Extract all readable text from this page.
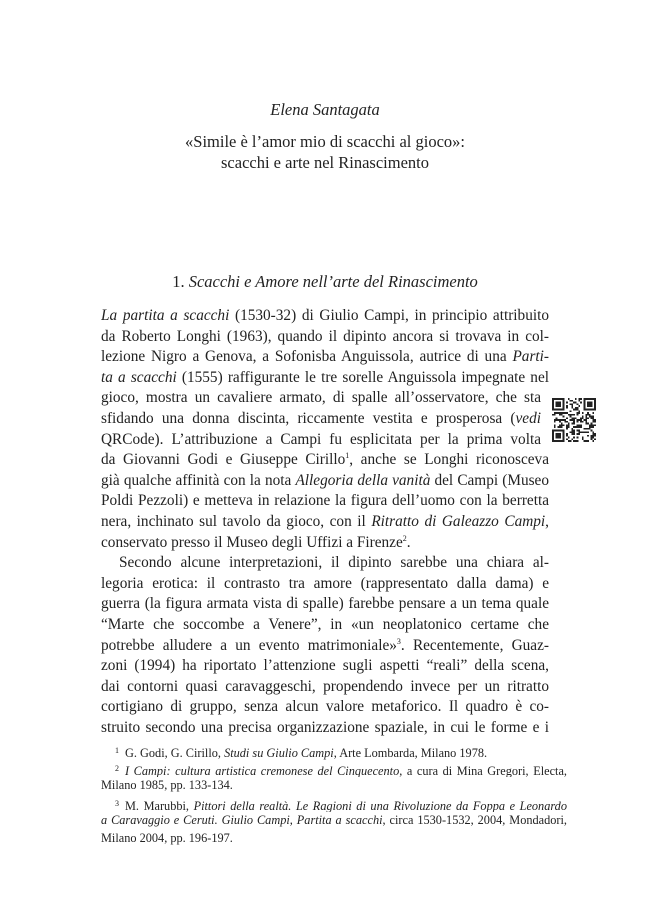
Elena Santagata
«Simile è l’amor mio di scacchi al gioco»:
scacchi e arte nel Rinascimento
1. Scacchi e Amore nell’arte del Rinascimento
La partita a scacchi (1530-32) di Giulio Campi, in principio attribuito
da Roberto Longhi (1963), quando il dipinto ancora si trovava in col-
lezione Nigro a Genova, a Sofonisba Anguissola, autrice di una Parti-
ta a scacchi (1555) raffigurante le tre sorelle Anguissola impegnate nel
gioco, mostra un cavaliere armato, di spalle all’osservatore, che sta
sfidando una donna discinta, riccamente vestita e prosperosa (vedi
QRCode). L’attribuzione a Campi fu esplicitata per la prima volta
da Giovanni Godi e Giuseppe Cirillo$^1$, anche se Longhi riconosceva
già qualche affinità con la nota Allegoria della vanità del Campi (Museo
Poldi Pezzoli) e metteva in relazione la figura dell’uomo con la berretta
nera, inchinato sul tavolo da gioco, con il Ritratto di Galeazzo Campi,
conservato presso il Museo degli Uffizi a Firenze$^2$.
Secondo alcune interpretazioni, il dipinto sarebbe una chiara al-
legoria erotica: il contrasto tra amore (rappresentato dalla dama) e
guerra (la figura armata vista di spalle) farebbe pensare a un tema quale
“Marte che soccombe a Venere”, in «un neoplatonico certame che
potrebbe alludere a un evento matrimoniale»$^3$. Recentemente, Guaz-
zoni (1994) ha riportato l’attenzione sugli aspetti “reali” della scena,
dai contorni quasi caravaggeschi, propendendo invece per un ritratto
cortigiano di gruppo, senza alcun valore metaforico. Il quadro è co-
struito secondo una precisa organizzazione spaziale, in cui le forme e i
$^1$ G. Godi, G. Cirillo, Studi su Giulio Campi, Arte Lombarda, Milano 1978.
$^2$ I Campi: cultura artistica cremonese del Cinquecento, a cura di Mina Gregori, Electa,
Milano 1985, pp. 133-134.
$^3$ M. Marubbi, Pittori della realtà. Le Ragioni di una Rivoluzione da Foppa e Leonardo
a Caravaggio e Ceruti. Giulio Campi, Partita a scacchi, circa 1530-1532, 2004, Mondadori,
Milano 2004, pp. 196-197.
